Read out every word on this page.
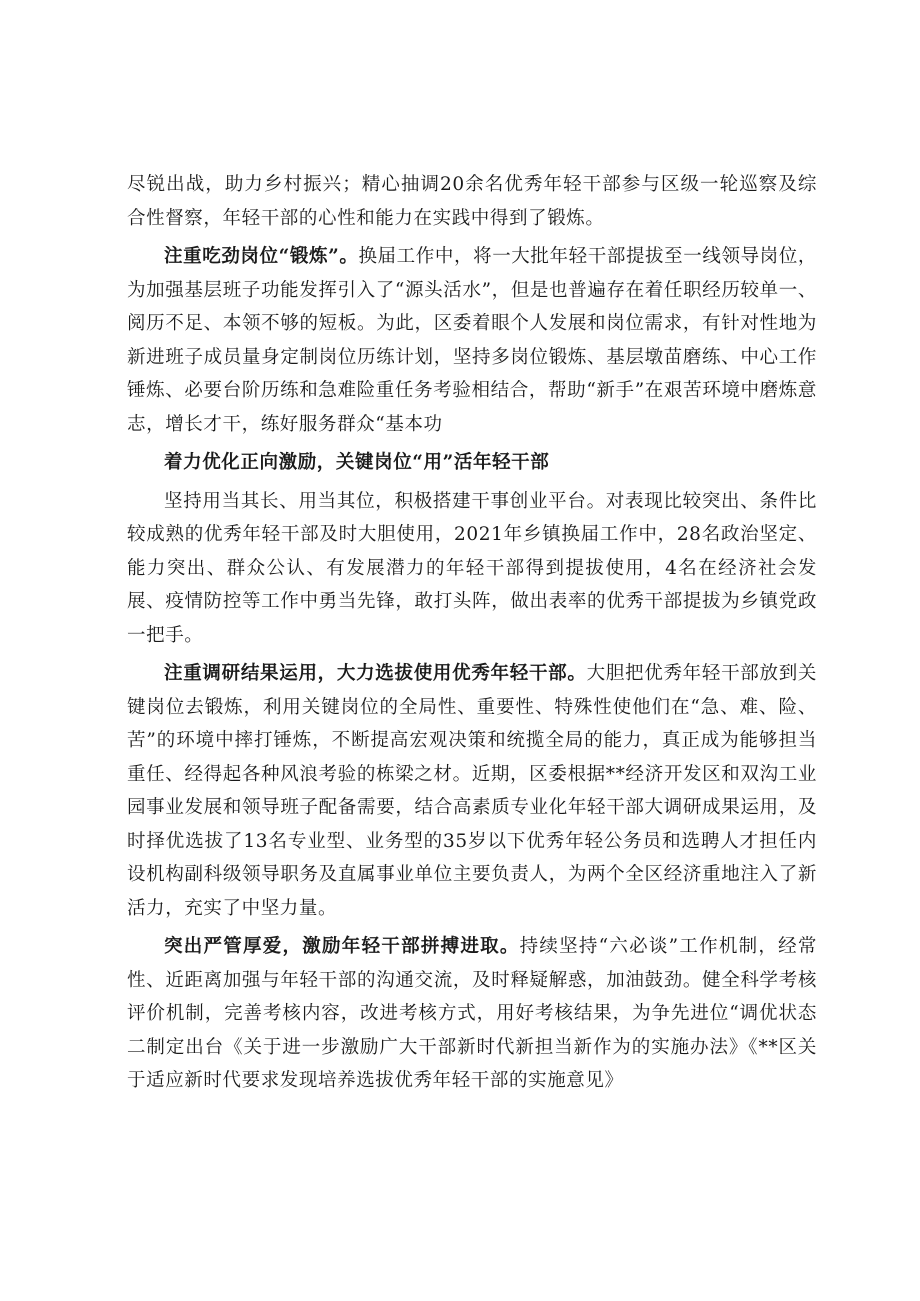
尽锐出战，助力乡村振兴；精心抽调20余名优秀年轻干部参与区级一轮巡察及综合性督察，年轻干部的心性和能力在实践中得到了锻炼。

注重吃劲岗位“锻炼”。换届工作中，将一大批年轻干部提拔至一线领导岗位，为加强基层班子功能发挥引入了“源头活水”，但是也普遍存在着任职经历较单一、阅历不足、本领不够的短板。为此，区委着眼个人发展和岗位需求，有针对性地为新进班子成员量身定制岗位历练计划，坚持多岗位锻炼、基层墩苗磨练、中心工作锤炼、必要台阶历练和急难险重任务考验相结合，帮助“新手”在艰苦环境中磨炼意志，增长才干，练好服务群众“基本功

着力优化正向激励，关键岗位“用”活年轻干部

坚持用当其长、用当其位，积极搭建干事创业平台。对表现比较突出、条件比较成熟的优秀年轻干部及时大胆使用，2021年乡镇换届工作中，28名政治坚定、能力突出、群众公认、有发展潜力的年轻干部得到提拔使用，4名在经济社会发展、疫情防控等工作中勇当先锋，敢打头阵，做出表率的优秀干部提拔为乡镇党政一把手。

注重调研结果运用，大力选拔使用优秀年轻干部。大胆把优秀年轻干部放到关键岗位去锻炼，利用关键岗位的全局性、重要性、特殊性使他们在“急、难、险、苦”的环境中摔打锤炼，不断提高宏观决策和统揽全局的能力，真正成为能够担当重任、经得起各种风浪考验的栋梁之材。近期，区委根据**经济开发区和双沟工业园事业发展和领导班子配备需要，结合高素质专业化年轻干部大调研成果运用，及时择优选拔了13名专业型、业务型的35岁以下优秀年轻公务员和选聘人才担任内设机构副科级领导职务及直属事业单位主要负责人，为两个全区经济重地注入了新活力，充实了中坚力量。

突出严管厚爱，激励年轻干部拼搏进取。持续坚持“六必谈”工作机制，经常性、近距离加强与年轻干部的沟通交流，及时释疑解惑，加油鼓劲。健全科学考核评价机制，完善考核内容，改进考核方式，用好考核结果，为争先进位“调优状态二制定出台《关于进一步激励广大干部新时代新担当新作为的实施办法》《**区关于适应新时代要求发现培养选拔优秀年轻干部的实施意见》
